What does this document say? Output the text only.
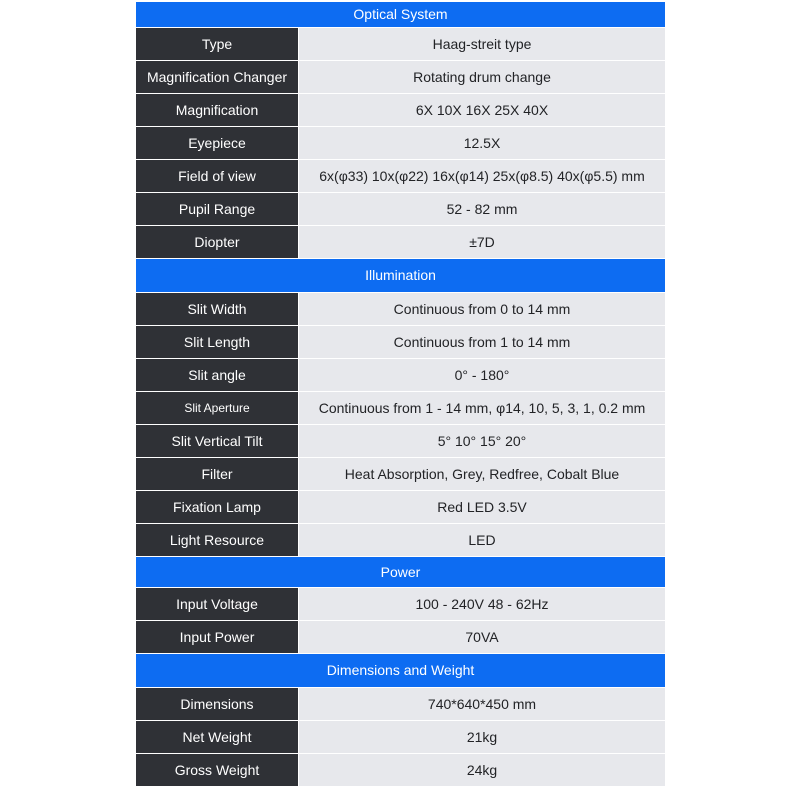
Optical System
Type	Haag-streit type
Magnification Changer	Rotating drum change
Magnification	6X 10X 16X 25X 40X
Eyepiece	12.5X
Field of view	6x(φ33) 10x(φ22) 16x(φ14) 25x(φ8.5) 40x(φ5.5) mm
Pupil Range	52 - 82 mm
Diopter	±7D
Illumination
Slit Width	Continuous from 0 to 14 mm
Slit Length	Continuous from 1 to 14 mm
Slit angle	0° - 180°
Slit Aperture	Continuous from 1 - 14 mm, φ14, 10, 5, 3, 1, 0.2 mm
Slit Vertical Tilt	5° 10° 15° 20°
Filter	Heat Absorption, Grey, Redfree, Cobalt Blue
Fixation Lamp	Red LED 3.5V
Light Resource	LED
Power
Input Voltage	100 - 240V 48 - 62Hz
Input Power	70VA
Dimensions and Weight
Dimensions	740*640*450 mm
Net Weight	21kg
Gross Weight	24kg
